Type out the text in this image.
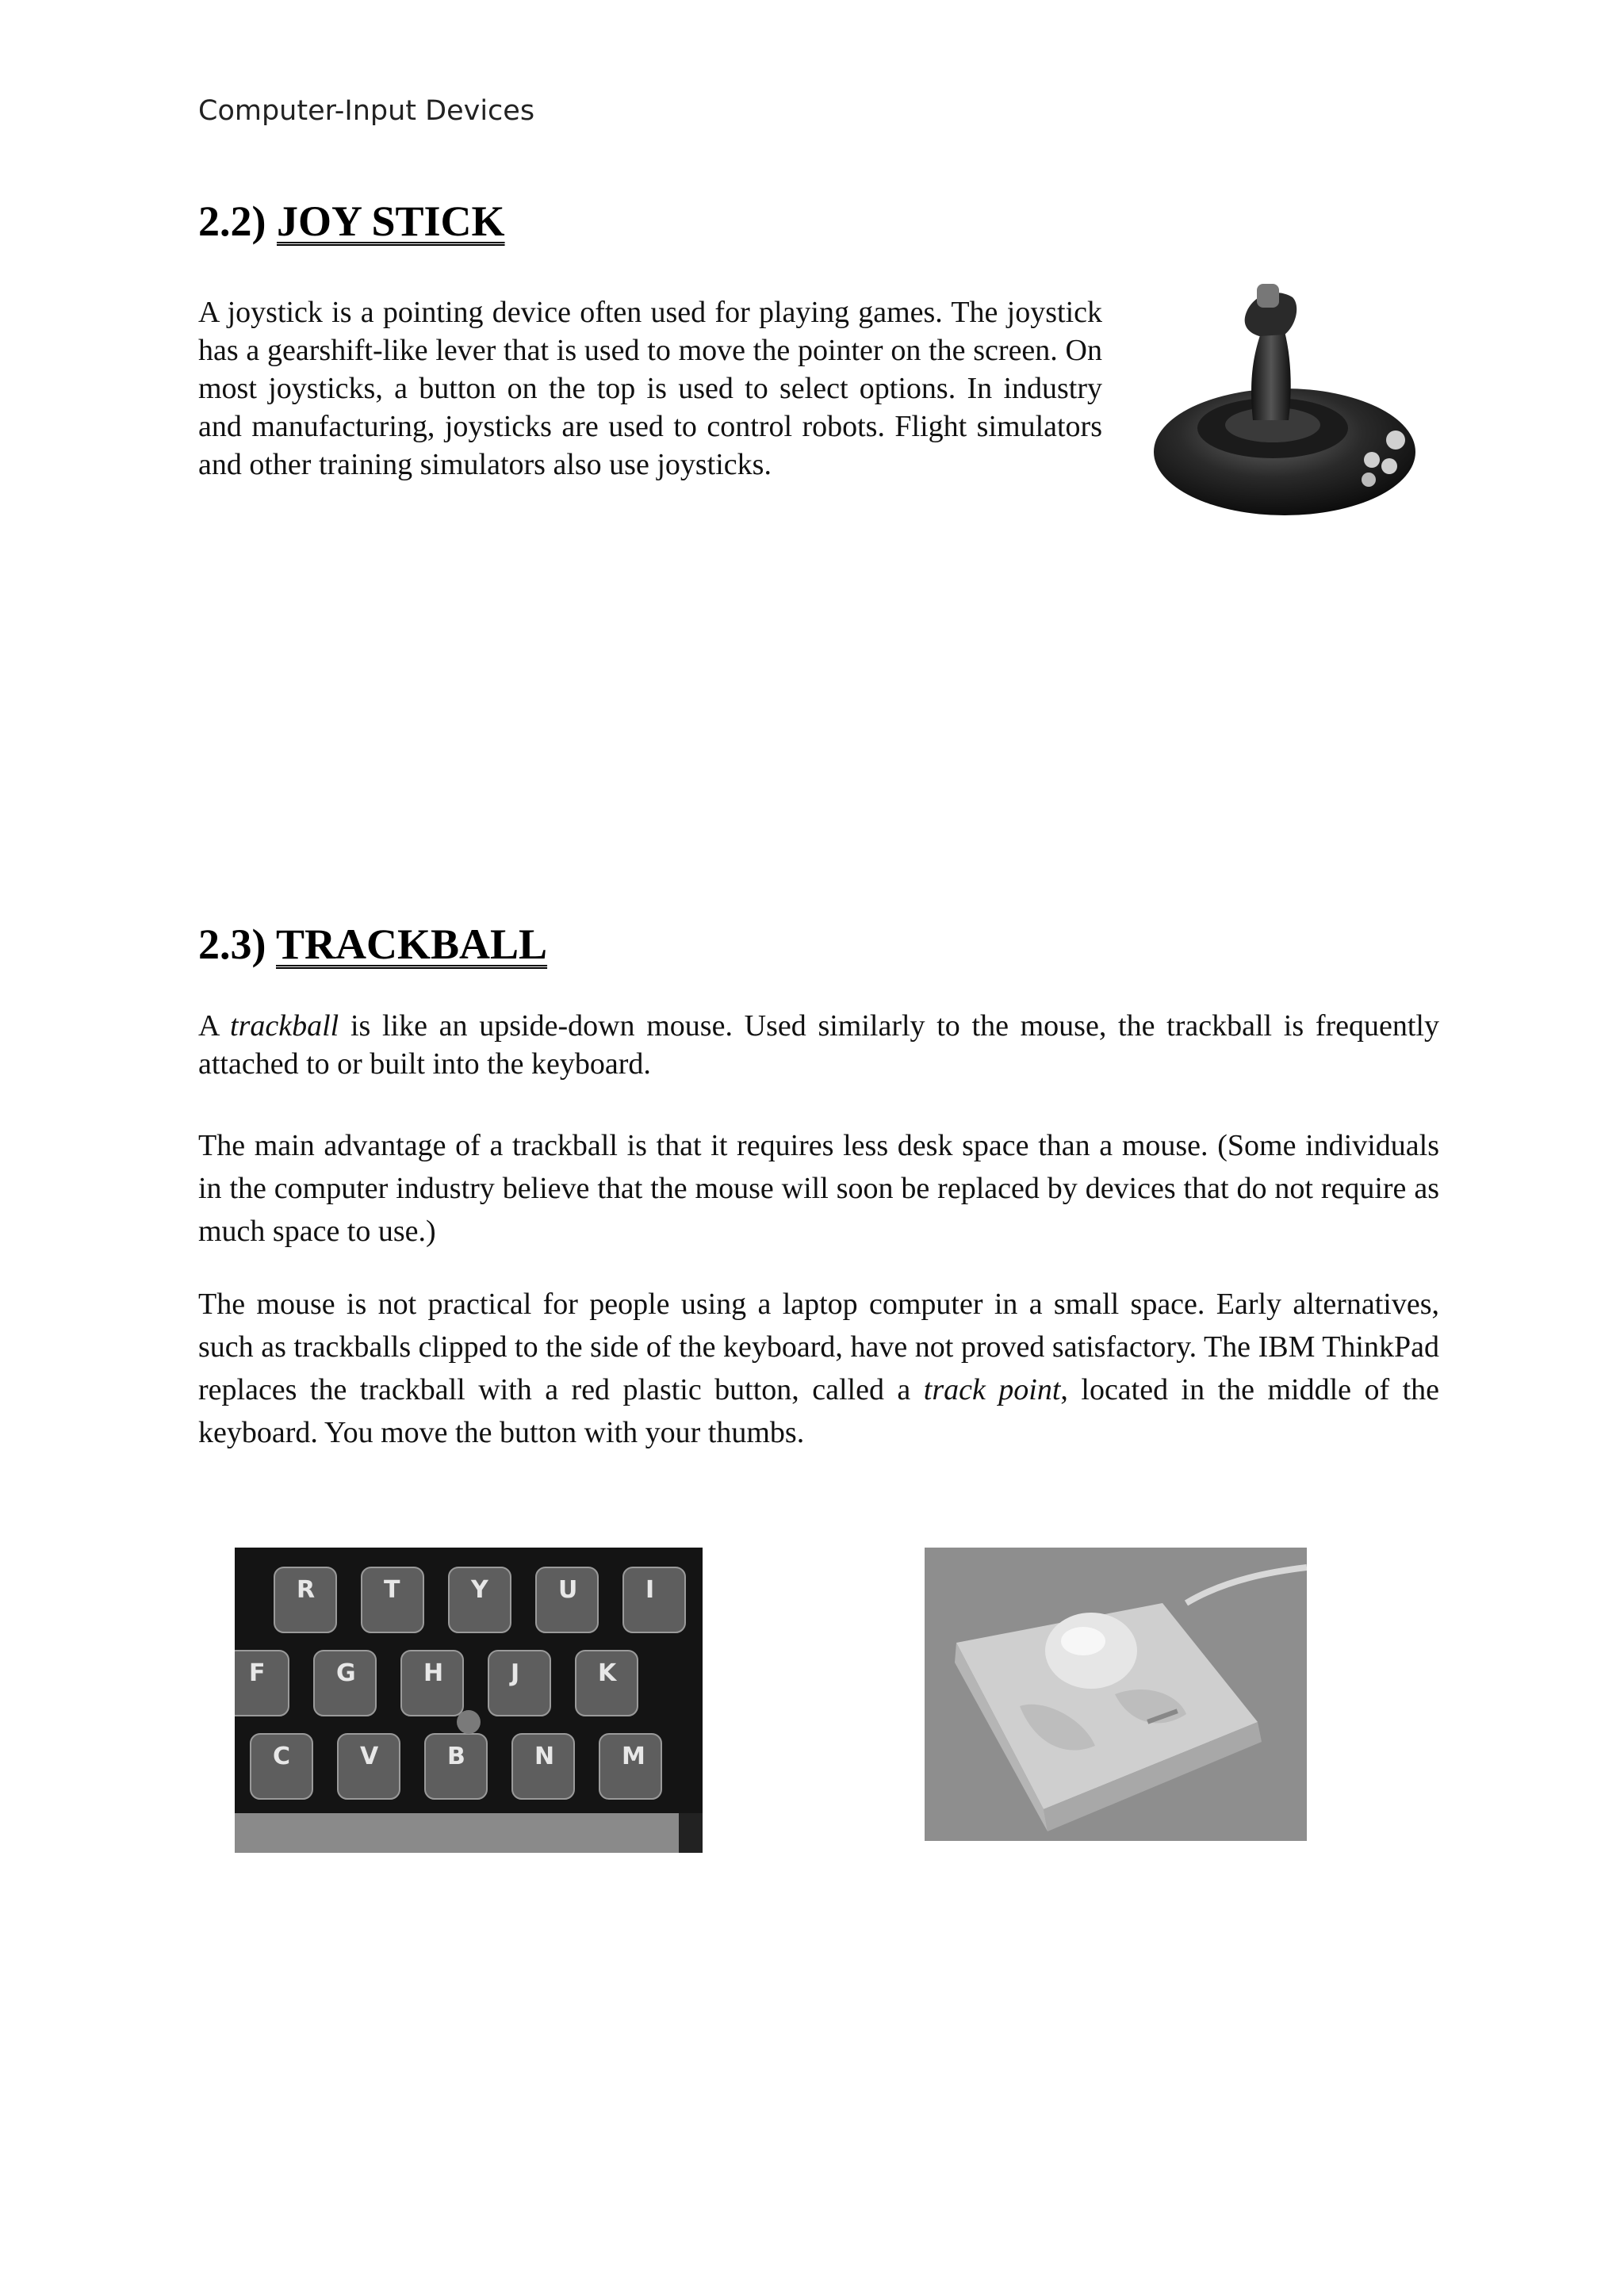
Computer-Input Devices
2.2) JOY STICK

A joystick is a pointing device often used for playing games. The joystick has a gearshift-like lever that is used to move the pointer on the screen. On most joysticks, a button on the top is used to select options. In industry and manufacturing, joysticks are used to control robots. Flight simulators and other training simulators also use joysticks.

2.3) TRACKBALL

A trackball is like an upside-down mouse. Used similarly to the mouse, the trackball is frequently attached to or built into the keyboard.

The main advantage of a trackball is that it requires less desk space than a mouse. (Some individuals in the computer industry believe that the mouse will soon be replaced by devices that do not require as much space to use.)

The mouse is not practical for people using a laptop computer in a small space. Early alternatives, such as trackballs clipped to the side of the keyboard, have not proved satisfactory. The IBM ThinkPad replaces the trackball with a red plastic button, called a track point, located in the middle of the keyboard. You move the button with your thumbs.

R	T	Y	U	I
F	G	H	J	K
C	V	B	N	M
